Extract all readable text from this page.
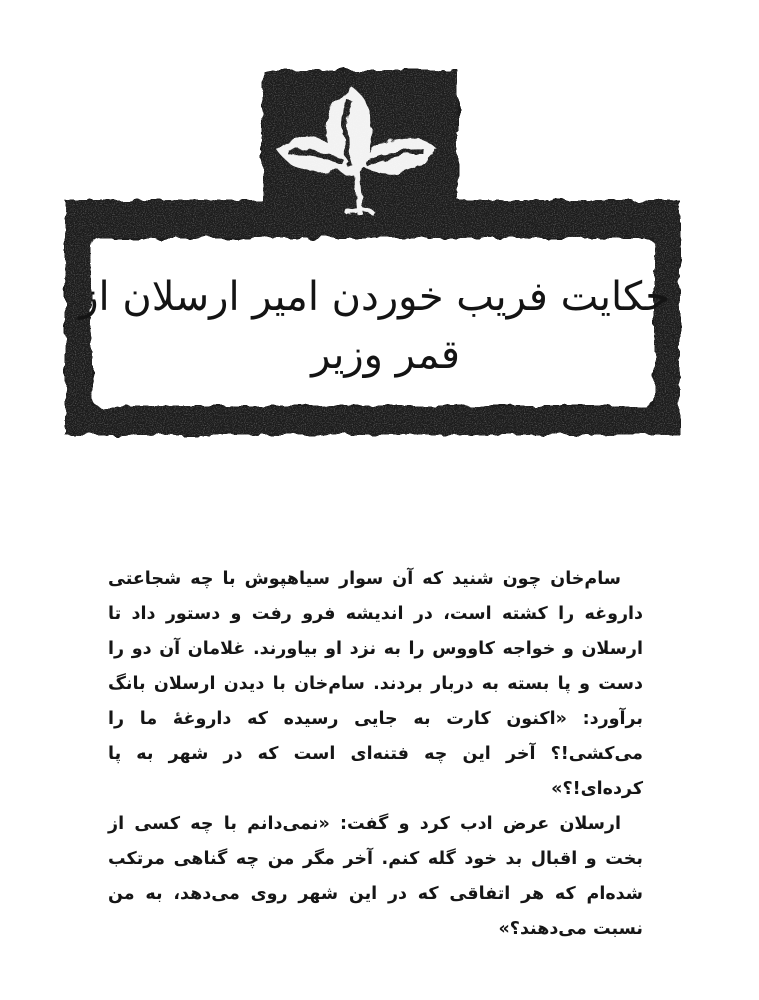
حکایت فریب خوردن امیر ارسلان از
قمر وزیر

سام‌خان چون شنید که آن سوار سیاهپوش با چه شجاعتی داروغه را کشته است، در اندیشه فرو رفت و دستور داد تا ارسلان و خواجه کاووس را به نزد او بیاورند. غلامان آن دو را دست و پا بسته به دربار بردند. سام‌خان با دیدن ارسلان بانگ برآورد: «اکنون کارت به جایی رسیده که داروغهٔ ما را می‌کشی!؟ آخر این چه فتنه‌ای است که در شهر به پا کرده‌ای!؟»

ارسلان عرض ادب کرد و گفت: «نمی‌دانم با چه کسی از بخت و اقبال بد خود گله کنم. آخر مگر من چه گناهی مرتکب شده‌ام که هر اتفاقی که در این شهر روی می‌دهد، به من نسبت می‌دهند؟»
